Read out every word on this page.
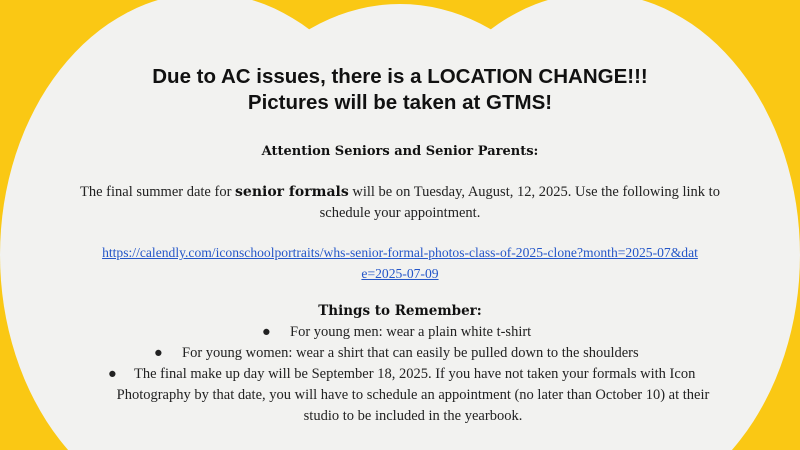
Due to AC issues, there is a LOCATION CHANGE!!!
Pictures will be taken at GTMS!
Attention Seniors and Senior Parents:
The final summer date for senior formals will be on Tuesday, August, 12, 2025. Use the following link to
schedule your appointment.
https://calendly.com/iconschoolportraits/whs-senior-formal-photos-class-of-2025-clone?month=2025-07&dat
e=2025-07-09
Things to Remember:
● For young men: wear a plain white t-shirt
● For young women: wear a shirt that can easily be pulled down to the shoulders
●	The final make up day will be September 18, 2025. If you have not taken your formals with Icon
Photography by that date, you will have to schedule an appointment (no later than October 10) at their
studio to be included in the yearbook.
